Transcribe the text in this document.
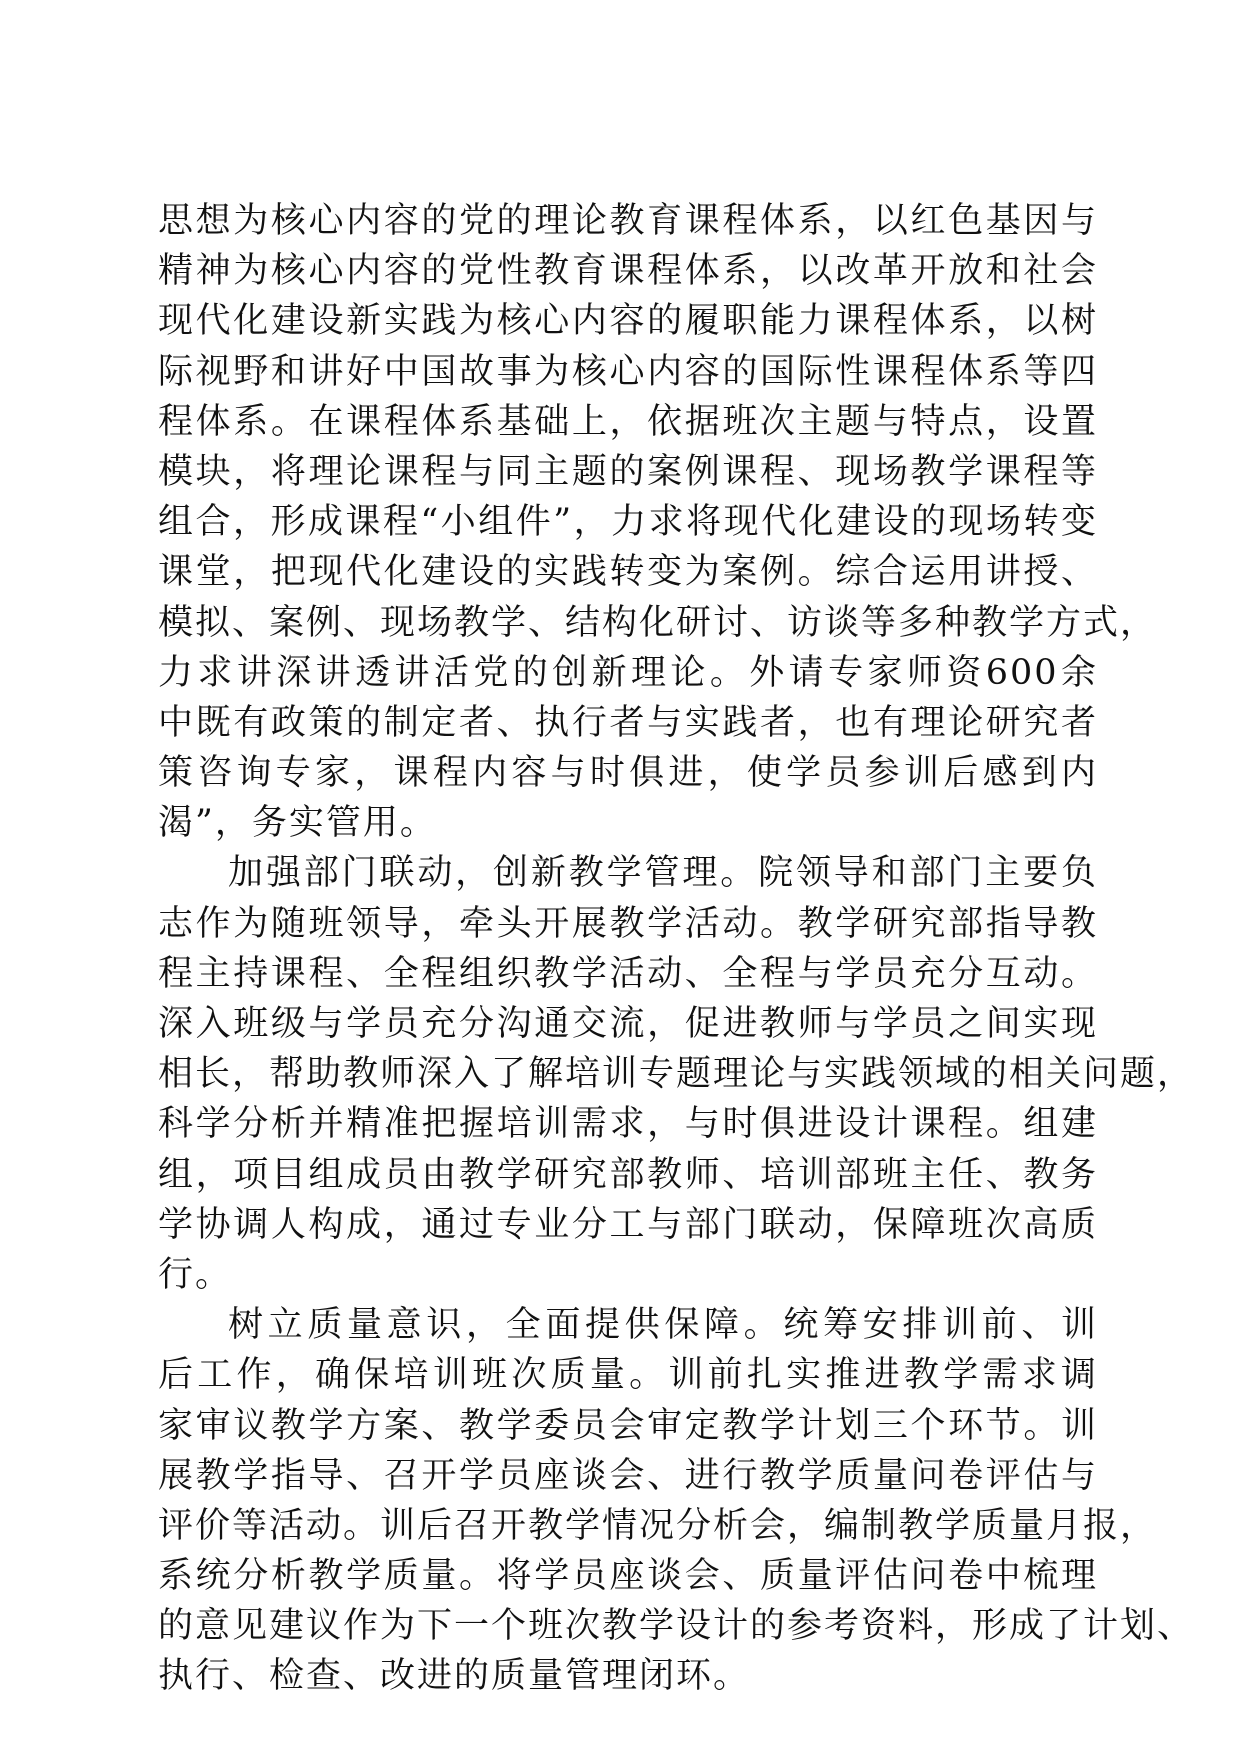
思想为核心内容的党的理论教育课程体系，以红色基因与
精神为核心内容的党性教育课程体系，以改革开放和社会
现代化建设新实践为核心内容的履职能力课程体系，以树
际视野和讲好中国故事为核心内容的国际性课程体系等四
程体系。在课程体系基础上，依据班次主题与特点，设置
模块，将理论课程与同主题的案例课程、现场教学课程等
组合，形成课程“小组件”，力求将现代化建设的现场转变
课堂，把现代化建设的实践转变为案例。综合运用讲授、
模拟、案例、现场教学、结构化研讨、访谈等多种教学方式，
力求讲深讲透讲活党的创新理论。外请专家师资600余
中既有政策的制定者、执行者与实践者，也有理论研究者
策咨询专家，课程内容与时俱进，使学员参训后感到内
渴”，务实管用。
加强部门联动，创新教学管理。院领导和部门主要负
志作为随班领导，牵头开展教学活动。教学研究部指导教
程主持课程、全程组织教学活动、全程与学员充分互动。
深入班级与学员充分沟通交流，促进教师与学员之间实现
相长，帮助教师深入了解培训专题理论与实践领域的相关问题，
科学分析并精准把握培训需求，与时俱进设计课程。组建
组，项目组成员由教学研究部教师、培训部班主任、教务
学协调人构成，通过专业分工与部门联动，保障班次高质
行。
树立质量意识，全面提供保障。统筹安排训前、训
后工作，确保培训班次质量。训前扎实推进教学需求调
家审议教学方案、教学委员会审定教学计划三个环节。训
展教学指导、召开学员座谈会、进行教学质量问卷评估与
评价等活动。训后召开教学情况分析会，编制教学质量月报，
系统分析教学质量。将学员座谈会、质量评估问卷中梳理
的意见建议作为下一个班次教学设计的参考资料，形成了计划、
执行、检查、改进的质量管理闭环。
